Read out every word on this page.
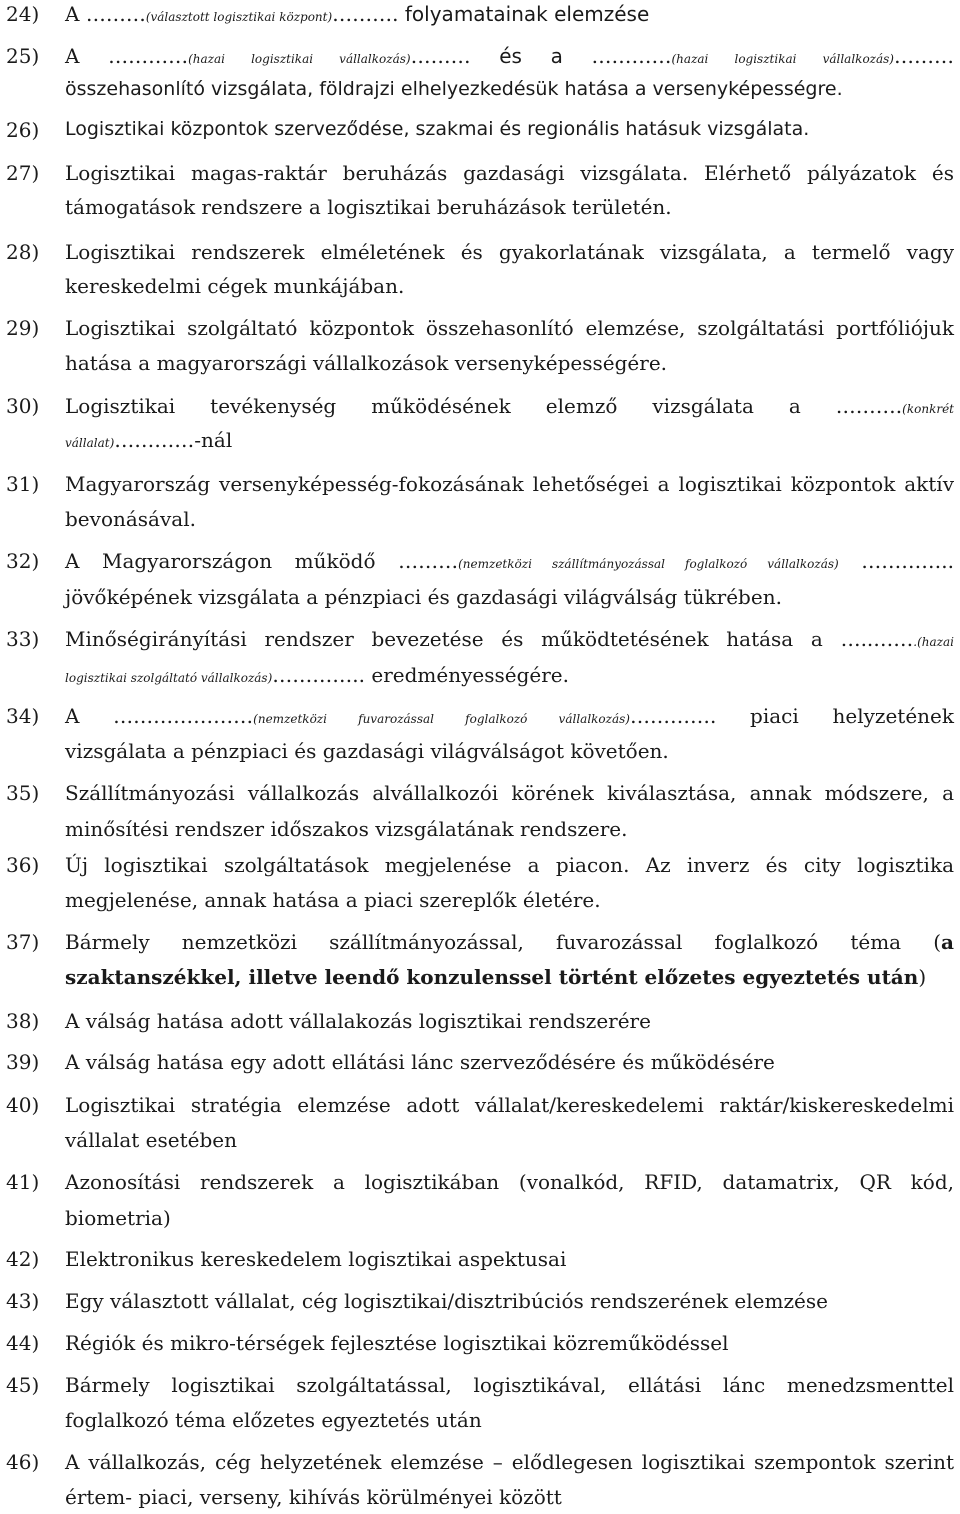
24) A ………(választott logisztikai központ)………. folyamatainak elemzése
25) A …………(hazai logisztikai vállalkozás)……… és a …………(hazai logisztikai vállalkozás)………
összehasonlító vizsgálata, földrajzi elhelyezkedésük hatása a versenyképességre.
26) Logisztikai központok szerveződése, szakmai és regionális hatásuk vizsgálata.
27) Logisztikai magas-raktár beruházás gazdasági vizsgálata. Elérhető pályázatok és
támogatások rendszere a logisztikai beruházások területén.
28) Logisztikai rendszerek elméletének és gyakorlatának vizsgálata, a termelő vagy
kereskedelmi cégek munkájában.
29) Logisztikai szolgáltató központok összehasonlító elemzése, szolgáltatási portfóliójuk
hatása a magyarországi vállalkozások versenyképességére.
30) Logisztikai tevékenység működésének elemző vizsgálata a ……….(konkrét
vállalat)…………-nál
31) Magyarország versenyképesség-fokozásának lehetőségei a logisztikai központok aktív
bevonásával.
32) A Magyarországon működő ………(nemzetközi szállítmányozással foglalkozó vállalkozás) …………..
jövőképének vizsgálata a pénzpiaci és gazdasági világválság tükrében.
33) Minőségirányítási rendszer bevezetése és működtetésének hatása a …..…….(hazai
logisztikai szolgáltató vállalkozás)………….. eredményességére.
34) A …………………(nemzetközi fuvarozással foglalkozó vállalkozás)…………. piaci helyzetének
vizsgálata a pénzpiaci és gazdasági világválságot követően.
35) Szállítmányozási vállalkozás alvállalkozói körének kiválasztása, annak módszere, a
minősítési rendszer időszakos vizsgálatának rendszere.
36) Új logisztikai szolgáltatások megjelenése a piacon. Az inverz és city logisztika
megjelenése, annak hatása a piaci szereplők életére.
37) Bármely nemzetközi szállítmányozással, fuvarozással foglalkozó téma (a
szaktanszékkel, illetve leendő konzulenssel történt előzetes egyeztetés után)
38) A válság hatása adott vállalakozás logisztikai rendszerére
39) A válság hatása egy adott ellátási lánc szerveződésére és működésére
40) Logisztikai stratégia elemzése adott vállalat/kereskedelemi raktár/kiskereskedelmi
vállalat esetében
41) Azonosítási rendszerek a logisztikában (vonalkód, RFID, datamatrix, QR kód,
biometria)
42) Elektronikus kereskedelem logisztikai aspektusai
43) Egy választott vállalat, cég logisztikai/disztribúciós rendszerének elemzése
44) Régiók és mikro-térségek fejlesztése logisztikai közreműködéssel
45) Bármely logisztikai szolgáltatással, logisztikával, ellátási lánc menedzsmenttel
foglalkozó téma előzetes egyeztetés után
46) A vállalkozás, cég helyzetének elemzése – elődlegesen logisztikai szempontok szerint
értem- piaci, verseny, kihívás körülményei között
